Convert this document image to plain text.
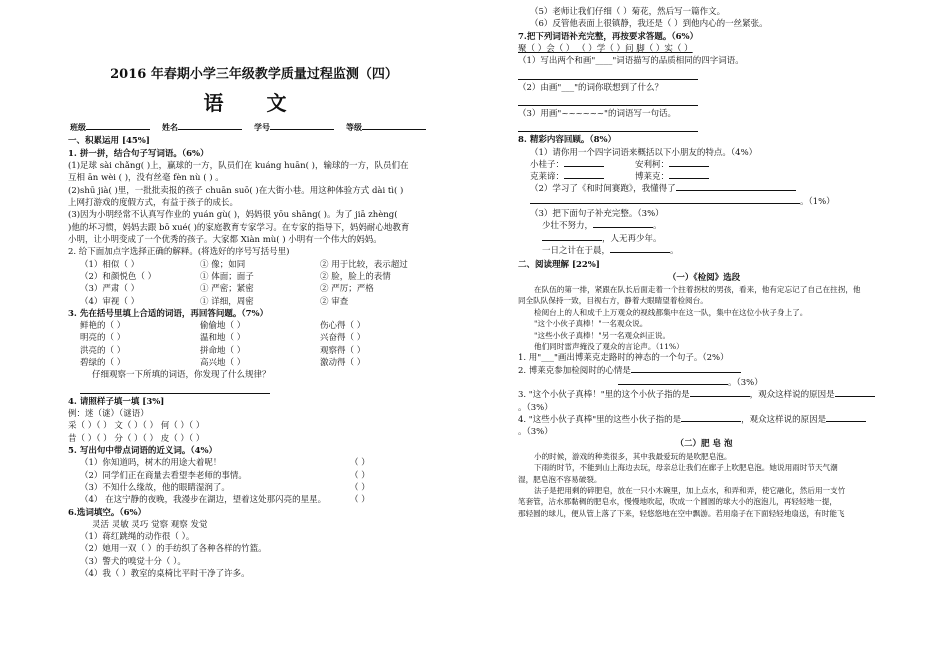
2016 年春期小学三年级教学质量过程监测（四）
语 文
班级	姓名	学号	等级
一、积累运用 [45%]
1. 拼一拼，结合句子写词语。（6%）
(1)足球 sài chǎng( )上，赢球的一方，队员们在 kuáng huān( )，输球的一方，队员们在
互相 ān wèi ( )，没有丝毫 fèn nù ( ) 。
(2)shū jià( )里，一批批卖报的孩子 chuān suō( )在大街小巷。用这种体验方式 dài tì( )
上网打游戏的度假方式，有益于孩子的成长。
(3)因为小明经常不认真写作业的 yuán gù( )，妈妈很 yōu shāng( )。为了 jiā zhèng(
)他的坏习惯，妈妈去跟 bō xué( )的家庭教育专家学习。在专家的指导下，妈妈耐心地教育
小明，让小明变成了一个优秀的孩子。大家都 Xiàn mù( ) 小明有一个伟大的妈妈。
2. 给下面加点字选择正确的解释。(将选好的序号写括号里)
（1）相似（ ）	① 像；如同	② 用于比较，表示超过
（2）和颜悦色（ ）	① 体面；面子	② 脸，脸上的表情
（3）严肃（ ）	① 严密；紧密	② 严厉；严格
（4）审视（ ）	① 详细，周密	② 审查
3. 先在括号里填上合适的词语，再回答问题。（7%）
鲜艳的（ ）	偷偷地（ ）	伤心得（ ）
明亮的（ ）	温和地（ ）	兴奋得（ ）
洪亮的（ ）	拼命地（ ）	观察得（ ）
碧绿的（ ）	高兴地（ ）	激动得（ ）
仔细观察一下所填的词语，你发现了什么规律？
4. 请照样子填一填 [3%]
例：迷（谜）（谜语）
采（ ）（ ） 文（ ）（ ） 何（ ）（ ）
昔（ ）（ ） 分（ ）（ ） 皮（ ）（ ）
5. 写出句中带点词语的近义词。（4%）
（1）你知道吗，树木的用途大着呢！	（ ）
（2）同学们正在商量去看望李老师的事情。	（ ）
（3）不知什么缘故，他的眼睛湿润了。	（ ）
（4） 在这宁静的夜晚，我漫步在湖边，望着这处那闪亮的星星。	（ ）
6.选词填空。（6%）
灵活 灵敏 灵巧 觉察 观察 发觉
（1）蒋红跳绳的动作很（ ）。
（2）她用一双（ ）的手纺织了各种各样的竹篮。
（3）警犬的嗅觉十分（ ）。
（4）我（ ）教室的桌椅比平时干净了许多。
（5）老师让我们仔细（ ）菊花，然后写一篇作文。
（6）反管他表面上很镇静，我还是（ ）到他内心的一丝紧张。
7.把下列词语补充完整，再按要求答题。（6%）
聚（ ）会（ ） （ ）学（ ）问 脚（ ）实（ ）
（1）写出两个和画"____"词语描写的品质相同的四字词语。
（2）由画"___"的词你联想到了什么？
（3）用画"~~~~~~"的词语写一句话。
8. 精彩内容回顾。（8%）
（1）请你用一个四字词语来概括以下小朋友的特点。（4%）
小桂子：	安利柯：
克莱谛：	博莱克：
（2）学习了《和时间赛跑》，我懂得了
。（1%）
（3）把下面句子补充完整。（3%）
少壮不努力，	。
，人无再少年。
一日之计在于晨，	。
二、阅读理解 [22%]
（一）《检阅》选段
在队伍的第一排，紧跟在队长后面走着一个拄着拐杖的男孩，看来，他有定忘记了自己在拄拐，他
同全队队保持一致，目视右方，静着大眼睛望着检阅台。
检阅台上的人和成千上万观众的视线都集中在这一队，集中在这位小伙子身上了。
"这个小伙子真棒！"一名观众说。
"这些小伙子真棒！"另一名观众纠正说。
他们同时雷声掩没了观众的言论声。（11%）
1. 用"___"画出博莱克走路时的神态的一个句子。（2%）
2. 博莱克参加检阅时的心情是
。（3%）
3. "这个小伙子真棒！"里的这个小伙子指的是	，观众这样说的原因是
。（3%）
4. "这些小伙子真棒"里的这些小伙子指的是	，观众这样说的原因是
。（3%）
（二）肥 皂 泡
小的时候，游戏的种类很多，其中我最爱玩的是吹肥皂泡。
下雨的时节，不能到山上海边去玩，母亲总让我们在廊子上吹肥皂泡。她说用雨时节天气潮
湿，肥皂泡不容易破裂。
法子是把用剩的碎肥皂，放在一只小木碗里，加上点水，和弄和弄，使它融化，然后用一支竹
笔套管，沾水那黏稠的肥皂水，慢慢地吹起，吹成一个圆圆的球大小的泡泡儿，再轻轻地一提，
那轻圆的球儿，便从管上落了下来，轻悠悠地在空中飘游。若用扇子在下面轻轻地扇送，有时能飞
